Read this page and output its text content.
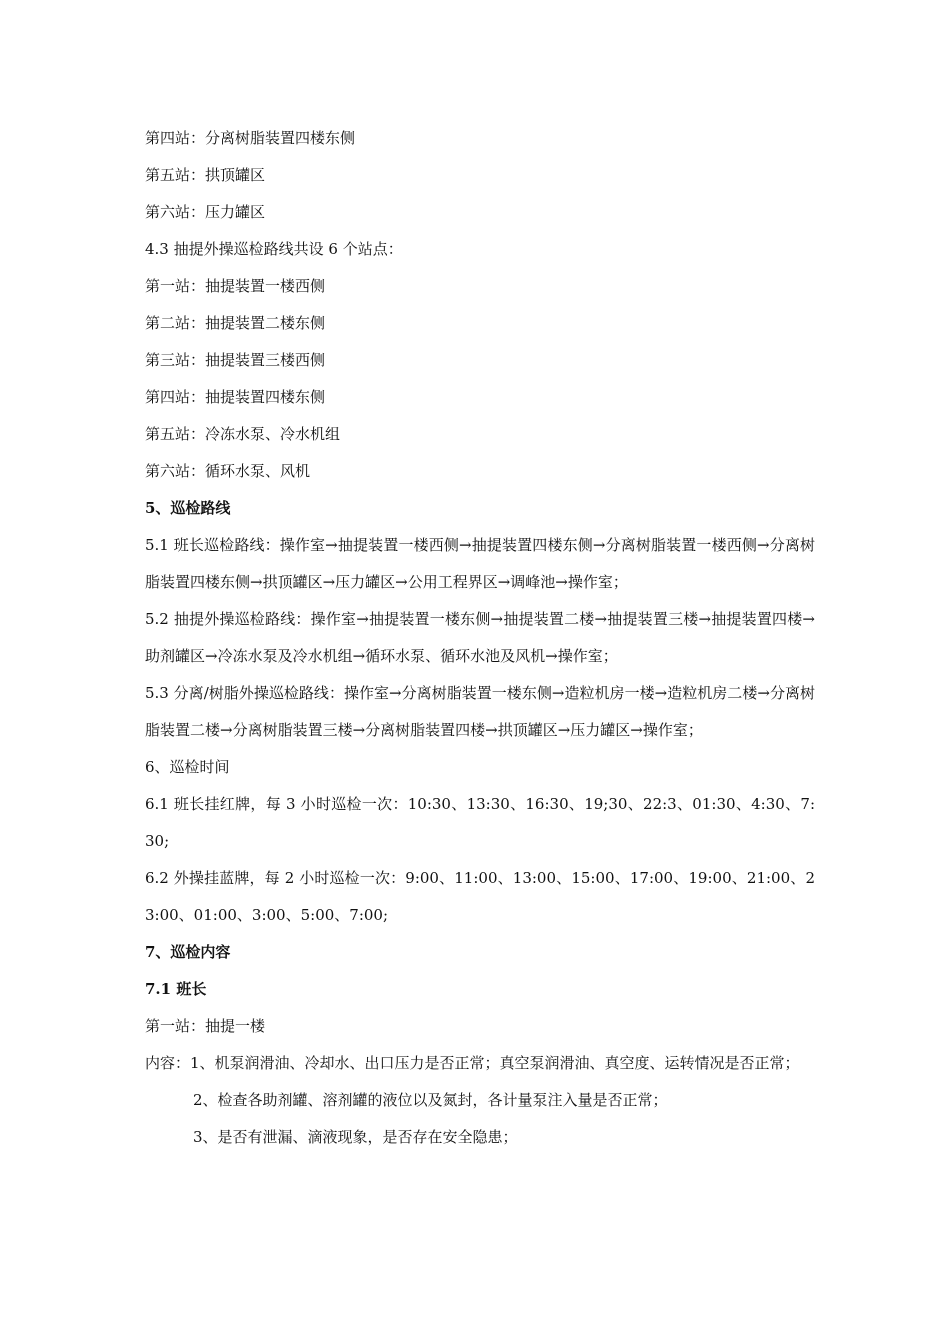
第四站：分离树脂装置四楼东侧

第五站：拱顶罐区

第六站：压力罐区

4.3 抽提外操巡检路线共设 6 个站点：

第一站：抽提装置一楼西侧

第二站：抽提装置二楼东侧

第三站：抽提装置三楼西侧

第四站：抽提装置四楼东侧

第五站：冷冻水泵、冷水机组

第六站：循环水泵、风机

5、巡检路线

5.1 班长巡检路线：操作室→抽提装置一楼西侧→抽提装置四楼东侧→分离树脂装置一楼西侧→分离树脂装置四楼东侧→拱顶罐区→压力罐区→公用工程界区→调峰池→操作室；

5.2 抽提外操巡检路线：操作室→抽提装置一楼东侧→抽提装置二楼→抽提装置三楼→抽提装置四楼→助剂罐区→冷冻水泵及冷水机组→循环水泵、循环水池及风机→操作室；

5.3 分离/树脂外操巡检路线：操作室→分离树脂装置一楼东侧→造粒机房一楼→造粒机房二楼→分离树脂装置二楼→分离树脂装置三楼→分离树脂装置四楼→拱顶罐区→压力罐区→操作室；

6、巡检时间

6.1 班长挂红牌，每 3 小时巡检一次：10:30、13:30、16:30、19;30、22:3、01:30、4:30、7:30;

6.2 外操挂蓝牌，每 2 小时巡检一次：9:00、11:00、13:00、15:00、17:00、19:00、21:00、23:00、01:00、3:00、5:00、7:00;

7、巡检内容

7.1 班长

第一站：抽提一楼

内容：1、机泵润滑油、冷却水、出口压力是否正常；真空泵润滑油、真空度、运转情况是否正常；

2、检查各助剂罐、溶剂罐的液位以及氮封，各计量泵注入量是否正常；

3、是否有泄漏、滴液现象，是否存在安全隐患；
